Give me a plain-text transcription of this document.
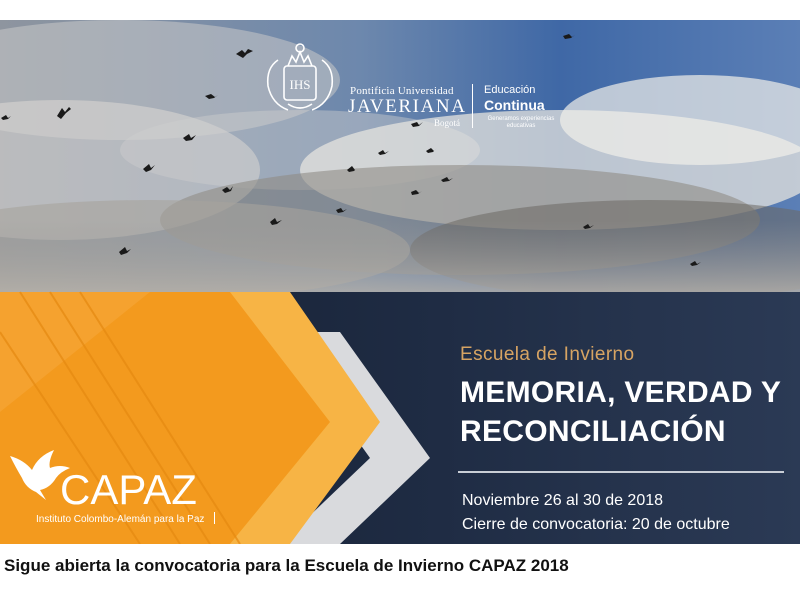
IHS	Pontificia Universidad
JAVERIANA
Bogotá
Educación
Continua
Generamos experiencias educativas
Escuela de Invierno
MEMORIA, VERDAD Y
RECONCILIACIÓN
Noviembre 26 al 30 de 2018
Cierre de convocatoria: 20 de octubre
CAPAZ
Instituto Colombo-Alemán para la Paz
Sigue abierta la convocatoria para la Escuela de Invierno CAPAZ 2018
